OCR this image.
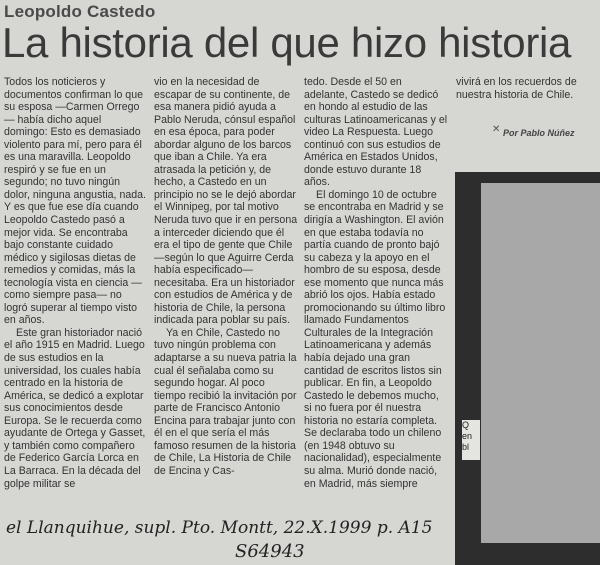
Leopoldo Castedo
La historia del que hizo historia

Todos los noticieros y documentos confirman lo que su esposa —Carmen Orrego— había dicho aquel domingo: Esto es demasiado violento para mí, pero para él es una maravilla. Leopoldo respiró y se fue en un segundo; no tuvo ningún dolor, ninguna angustia, nada. Y es que fue ese día cuando Leopoldo Castedo pasó a mejor vida. Se encontraba bajo constante cuidado médico y sigilosas dietas de remedios y comidas, más la tecnología vista en ciencia —como siempre pasa— no logró superar al tiempo visto en años.

Este gran historiador nació el año 1915 en Madrid. Luego de sus estudios en la universidad, los cuales había centrado en la historia de América, se dedicó a explotar sus conocimientos desde Europa. Se le recuerda como ayudante de Ortega y Gasset, y también como compañero de Federico García Lorca en La Barraca. En la década del golpe militar se

vio en la necesidad de escapar de su continente, de esa manera pidió ayuda a Pablo Neruda, cónsul español en esa época, para poder abordar alguno de los barcos que iban a Chile. Ya era atrasada la petición y, de hecho, a Castedo en un principio no se le dejó abordar el Winnipeg, por tal motivo Neruda tuvo que ir en persona a interceder diciendo que él era el tipo de gente que Chile —según lo que Aguirre Cerda había especificado— necesitaba. Era un historiador con estudios de América y de historia de Chile, la persona indicada para poblar su país.

Ya en Chile, Castedo no tuvo ningún problema con adaptarse a su nueva patria la cual él señalaba como su segundo hogar. Al poco tiempo recibió la invitación por parte de Francisco Antonio Encina para trabajar junto con él en el que sería el más famoso resumen de la historia de Chile, La Historia de Chile de Encina y Cas-

tedo. Desde el 50 en adelante, Castedo se dedicó en hondo al estudio de las culturas Latinoamericanas y el video La Respuesta. Luego continuó con sus estudios de América en Estados Unidos, donde estuvo durante 18 años.

El domingo 10 de octubre se encontraba en Madrid y se dirigía a Washington. El avión en que estaba todavía no partía cuando de pronto bajó su cabeza y la apoyo en el hombro de su esposa, desde ese momento que nunca más abrió los ojos. Había estado promocionando su último libro llamado Fundamentos Culturales de la Integración Latinoamericana y además había dejado una gran cantidad de escritos listos sin publicar. En fin, a Leopoldo Castedo le debemos mucho, si no fuera por él nuestra historia no estaría completa. Se declaraba todo un chileno (en 1948 obtuvo su nacionalidad), especialmente su alma. Murió donde nació, en Madrid, más siempre

vivirá en los recuerdos de nuestra historia de Chile.

✕ Por Pablo Núñez
Q en bl
el Llanquihue, supl. Pto. Montt, 22.X.1999 p. A15
S64943
